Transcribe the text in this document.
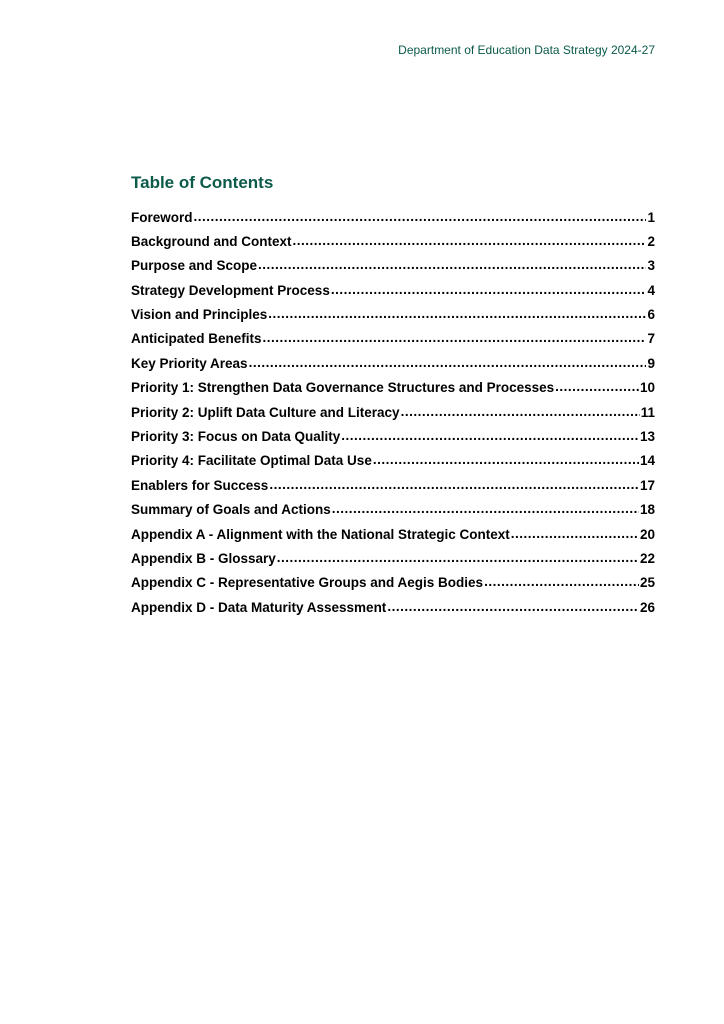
Department of Education Data Strategy 2024-27
Table of Contents
Foreword .....	1
Background and Context .....	2
Purpose and Scope .....	3
Strategy Development Process .....	4
Vision and Principles .....	6
Anticipated Benefits .....	7
Key Priority Areas .....	9
Priority 1: Strengthen Data Governance Structures and Processes .....	10
Priority 2: Uplift Data Culture and Literacy .....	11
Priority 3: Focus on Data Quality .....	13
Priority 4: Facilitate Optimal Data Use .....	14
Enablers for Success .....	17
Summary of Goals and Actions .....	18
Appendix A - Alignment with the National Strategic Context .....	20
Appendix B - Glossary .....	22
Appendix C - Representative Groups and Aegis Bodies .....	25
Appendix D - Data Maturity Assessment .....	26
